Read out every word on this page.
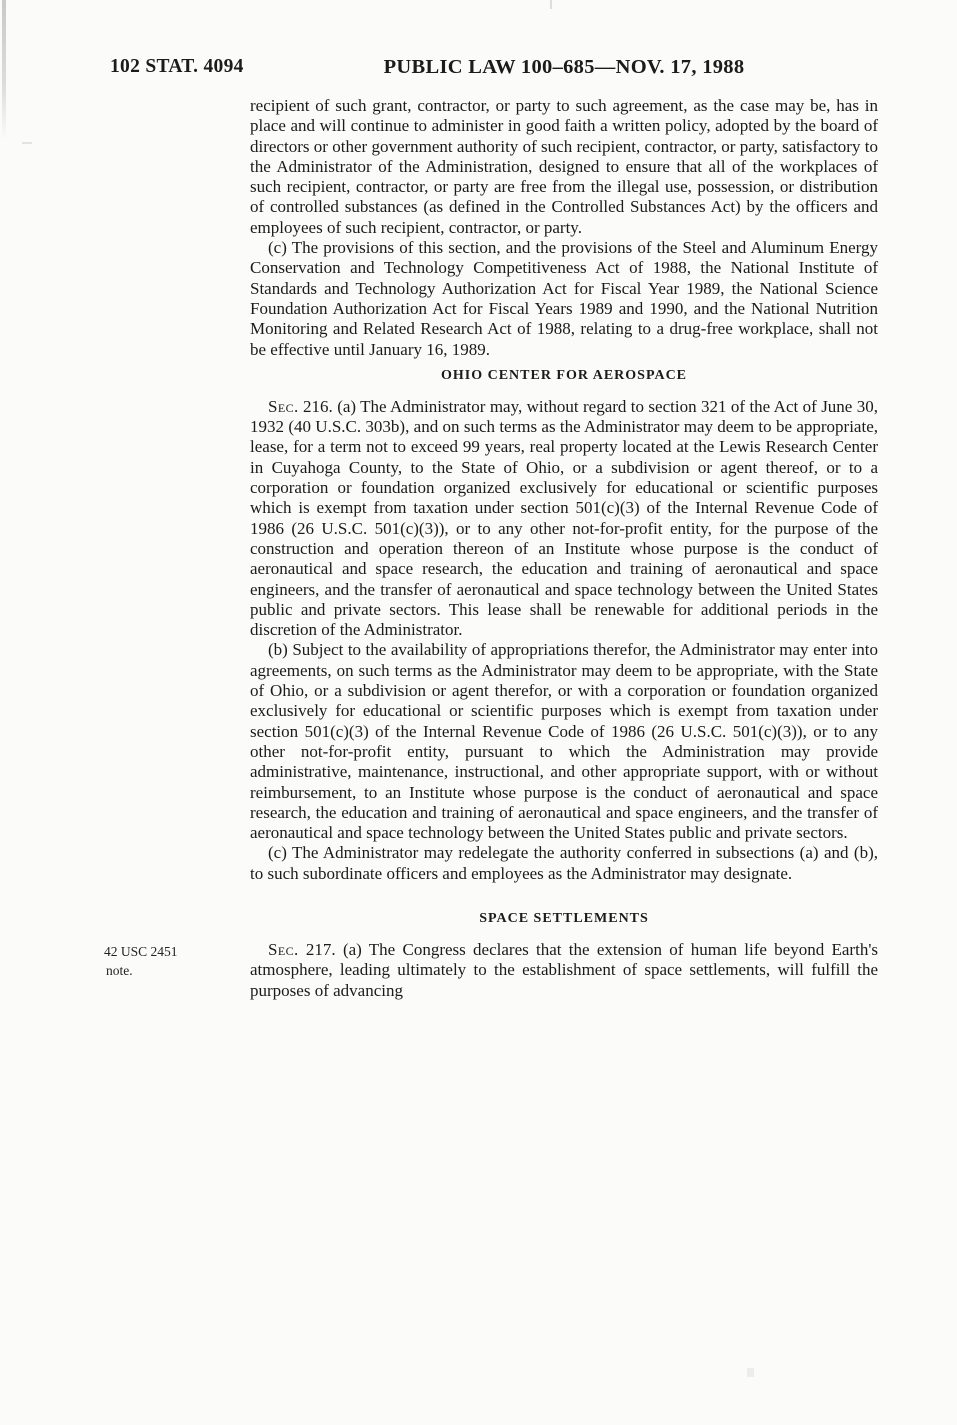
102 STAT. 4094	PUBLIC LAW 100–685—NOV. 17, 1988

recipient of such grant, contractor, or party to such agreement, as the case may be, has in place and will continue to administer in good faith a written policy, adopted by the board of directors or other government authority of such recipient, contractor, or party, satisfactory to the Administrator of the Administration, designed to ensure that all of the workplaces of such recipient, contractor, or party are free from the illegal use, possession, or distribution of controlled substances (as defined in the Controlled Substances Act) by the officers and employees of such recipient, contractor, or party.

(c) The provisions of this section, and the provisions of the Steel and Aluminum Energy Conservation and Technology Competitiveness Act of 1988, the National Institute of Standards and Technology Authorization Act for Fiscal Year 1989, the National Science Foundation Authorization Act for Fiscal Years 1989 and 1990, and the National Nutrition Monitoring and Related Research Act of 1988, relating to a drug-free workplace, shall not be effective until January 16, 1989.

OHIO CENTER FOR AEROSPACE

Sec. 216. (a) The Administrator may, without regard to section 321 of the Act of June 30, 1932 (40 U.S.C. 303b), and on such terms as the Administrator may deem to be appropriate, lease, for a term not to exceed 99 years, real property located at the Lewis Research Center in Cuyahoga County, to the State of Ohio, or a subdivision or agent thereof, or to a corporation or foundation organized exclusively for educational or scientific purposes which is exempt from taxation under section 501(c)(3) of the Internal Revenue Code of 1986 (26 U.S.C. 501(c)(3)), or to any other not-for-profit entity, for the purpose of the construction and operation thereon of an Institute whose purpose is the conduct of aeronautical and space research, the education and training of aeronautical and space engineers, and the transfer of aeronautical and space technology between the United States public and private sectors. This lease shall be renewable for additional periods in the discretion of the Administrator.

(b) Subject to the availability of appropriations therefor, the Administrator may enter into agreements, on such terms as the Administrator may deem to be appropriate, with the State of Ohio, or a subdivision or agent therefor, or with a corporation or foundation organized exclusively for educational or scientific purposes which is exempt from taxation under section 501(c)(3) of the Internal Revenue Code of 1986 (26 U.S.C. 501(c)(3)), or to any other not-for-profit entity, pursuant to which the Administration may provide administrative, maintenance, instructional, and other appropriate support, with or without reimbursement, to an Institute whose purpose is the conduct of aeronautical and space research, the education and training of aeronautical and space engineers, and the transfer of aeronautical and space technology between the United States public and private sectors.

(c) The Administrator may redelegate the authority conferred in subsections (a) and (b), to such subordinate officers and employees as the Administrator may designate.

SPACE SETTLEMENTS
42 USC 2451
note.

Sec. 217. (a) The Congress declares that the extension of human life beyond Earth's atmosphere, leading ultimately to the establishment of space settlements, will fulfill the purposes of advancing
